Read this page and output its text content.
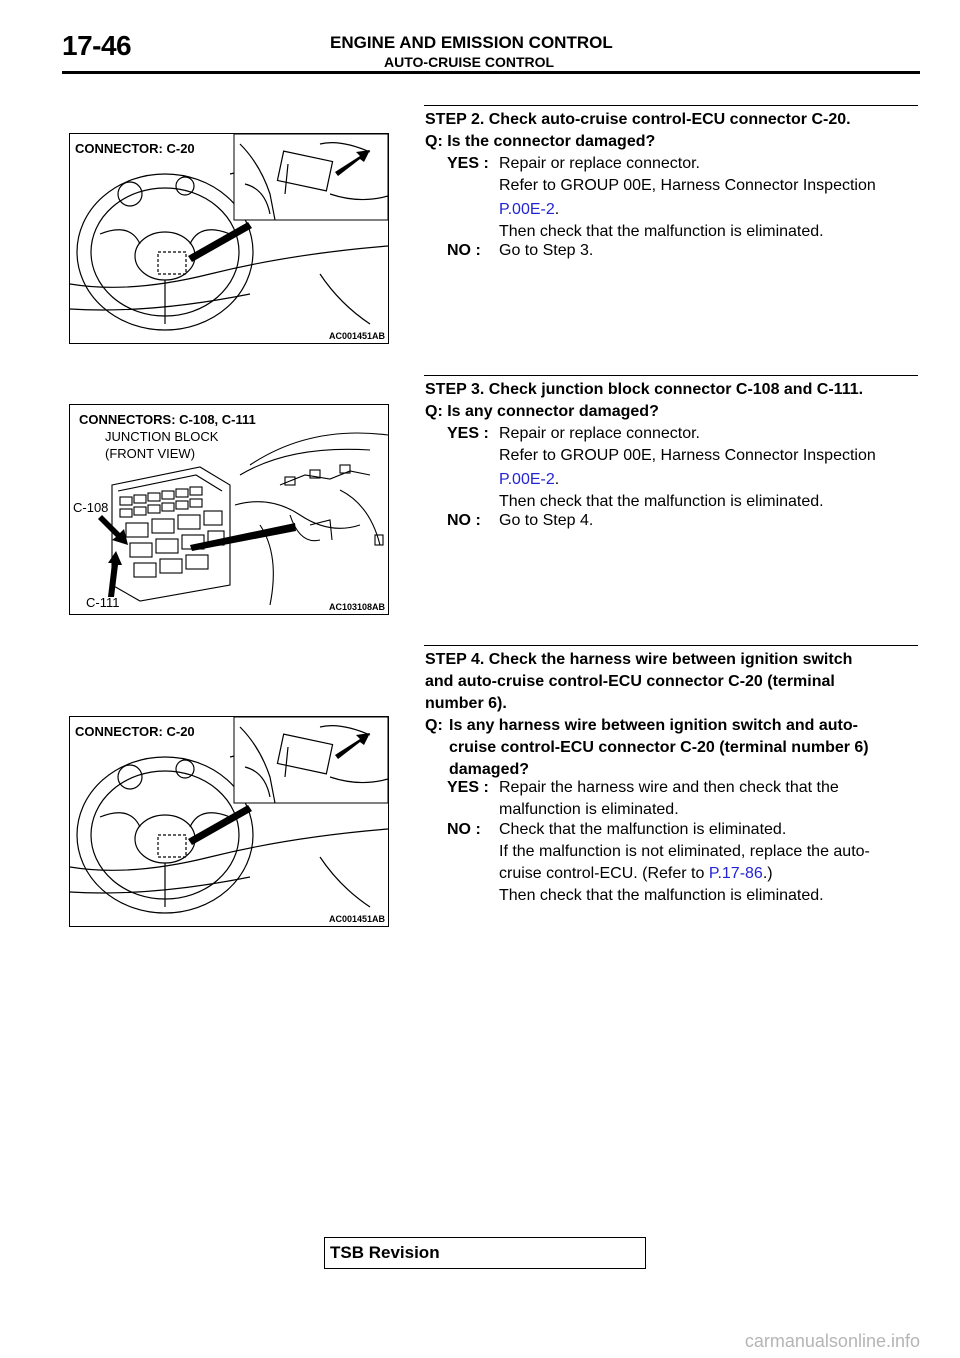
17-46	ENGINE AND EMISSION CONTROL
AUTO-CRUISE CONTROL
CONNECTOR: C-20
AC001451AB
STEP 2. Check auto-cruise control-ECU connector C-20.
Q: Is the connector damaged?
YES : Repair or replace connector.
Refer to GROUP 00E, Harness Connector Inspection
P.00E-2.
Then check that the malfunction is eliminated.
NO :	Go to Step 3.
CONNECTORS: C-108, C-111
JUNCTION BLOCK
(FRONT VIEW)
C-108
C-111	AC103108AB
STEP 3. Check junction block connector C-108 and C-111.
Q: Is any connector damaged?
YES : Repair or replace connector.
Refer to GROUP 00E, Harness Connector Inspection
P.00E-2.
Then check that the malfunction is eliminated.
NO :	Go to Step 4.
CONNECTOR: C-20
AC001451AB
STEP 4. Check the harness wire between ignition switch
and auto-cruise control-ECU connector C-20 (terminal
number 6).
Q: Is any harness wire between ignition switch and auto-
cruise control-ECU connector C-20 (terminal number 6)
damaged?
YES : Repair the harness wire and then check that the
malfunction is eliminated.
NO :	Check that the malfunction is eliminated.
If the malfunction is not eliminated, replace the auto-
cruise control-ECU. (Refer to P.17-86.)
Then check that the malfunction is eliminated.
TSB Revision
carmanualsonline.info
